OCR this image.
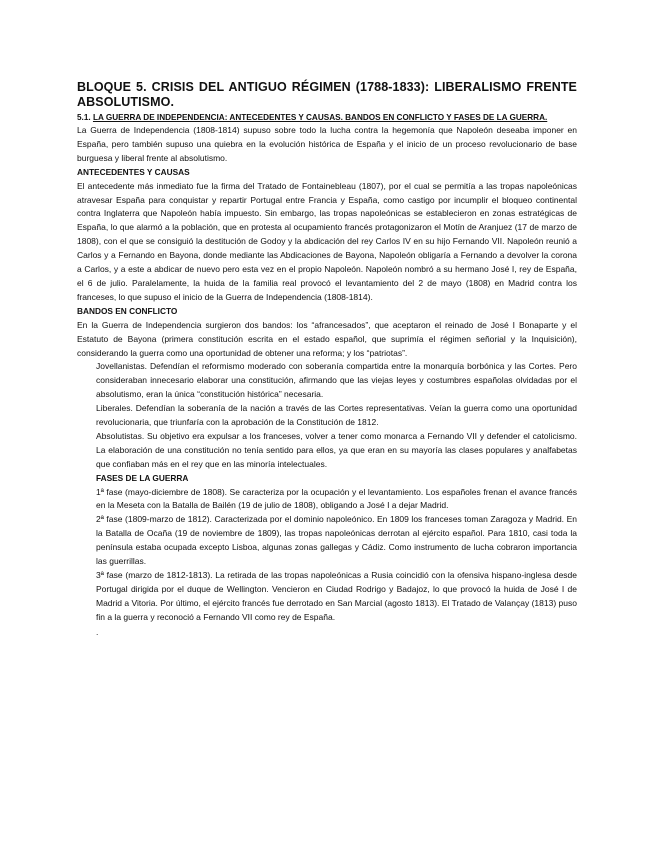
BLOQUE 5. CRISIS DEL ANTIGUO RÉGIMEN (1788-1833): LIBERALISMO FRENTE ABSOLUTISMO.
5.1. LA GUERRA DE INDEPENDENCIA: ANTECEDENTES Y CAUSAS. BANDOS EN CONFLICTO Y FASES DE LA GUERRA.

La Guerra de Independencia (1808-1814) supuso sobre todo la lucha contra la hegemonía que Napoleón deseaba imponer en España, pero también supuso una quiebra en la evolución histórica de España y el inicio de un proceso revolucionario de base burguesa y liberal frente al absolutismo.

ANTECEDENTES Y CAUSAS

El antecedente más inmediato fue la firma del Tratado de Fontainebleau (1807), por el cual se permitía a las tropas napoleónicas atravesar España para conquistar y repartir Portugal entre Francia y España, como castigo por incumplir el bloqueo continental contra Inglaterra que Napoleón había impuesto. Sin embargo, las tropas napoleónicas se establecieron en zonas estratégicas de España, lo que alarmó a la población, que en protesta al ocupamiento francés protagonizaron el Motín de Aranjuez (17 de marzo de 1808), con el que se consiguió la destitución de Godoy y la abdicación del rey Carlos IV en su hijo Fernando VII. Napoleón reunió a Carlos y a Fernando en Bayona, donde mediante las Abdicaciones de Bayona, Napoleón obligaría a Fernando a devolver la corona a Carlos, y a este a abdicar de nuevo pero esta vez en el propio Napoleón. Napoleón nombró a su hermano José I, rey de España, el 6 de julio. Paralelamente, la huida de la familia real provocó el levantamiento del 2 de mayo (1808) en Madrid contra los franceses, lo que supuso el inicio de la Guerra de Independencia (1808-1814).

BANDOS EN CONFLICTO

En la Guerra de Independencia surgieron dos bandos: los “afrancesados”, que aceptaron el reinado de José I Bonaparte y el Estatuto de Bayona (primera constitución escrita en el estado español, que suprimía el régimen señorial y la Inquisición), considerando la guerra como una oportunidad de obtener una reforma; y los “patriotas”.

Jovellanistas. Defendían el reformismo moderado con soberanía compartida entre la monarquía borbónica y las Cortes. Pero consideraban innecesario elaborar una constitución, afirmando que las viejas leyes y costumbres españolas olvidadas por el absolutismo, eran la única “constitución histórica” necesaria.

Liberales. Defendían la soberanía de la nación a través de las Cortes representativas. Veían la guerra como una oportunidad revolucionaria, que triunfaría con la aprobación de la Constitución de 1812.

Absolutistas. Su objetivo era expulsar a los franceses, volver a tener como monarca a Fernando VII y defender el catolicismo. La elaboración de una constitución no tenía sentido para ellos, ya que eran en su mayoría las clases populares y analfabetas que confiaban más en el rey que en las minoría intelectuales.

FASES DE LA GUERRA

1ª fase (mayo-diciembre de 1808). Se caracteriza por la ocupación y el levantamiento. Los españoles frenan el avance francés en la Meseta con la Batalla de Bailén (19 de julio de 1808), obligando a José I a dejar Madrid.

2ª fase (1809-marzo de 1812). Caracterizada por el dominio napoleónico. En 1809 los franceses toman Zaragoza y Madrid. En la Batalla de Ocaña (19 de noviembre de 1809), las tropas napoleónicas derrotan al ejército español. Para 1810, casi toda la península estaba ocupada excepto Lisboa, algunas zonas gallegas y Cádiz. Como instrumento de lucha cobraron importancia las guerrillas.

3ª fase (marzo de 1812-1813). La retirada de las tropas napoleónicas a Rusia coincidió con la ofensiva hispano-inglesa desde Portugal dirigida por el duque de Wellington. Vencieron en Ciudad Rodrigo y Badajoz, lo que provocó la huida de José I de Madrid a Vitoria. Por último, el ejército francés fue derrotado en San Marcial (agosto 1813). El Tratado de Valançay (1813) puso fin a la guerra y reconoció a Fernando VII como rey de España.

.
